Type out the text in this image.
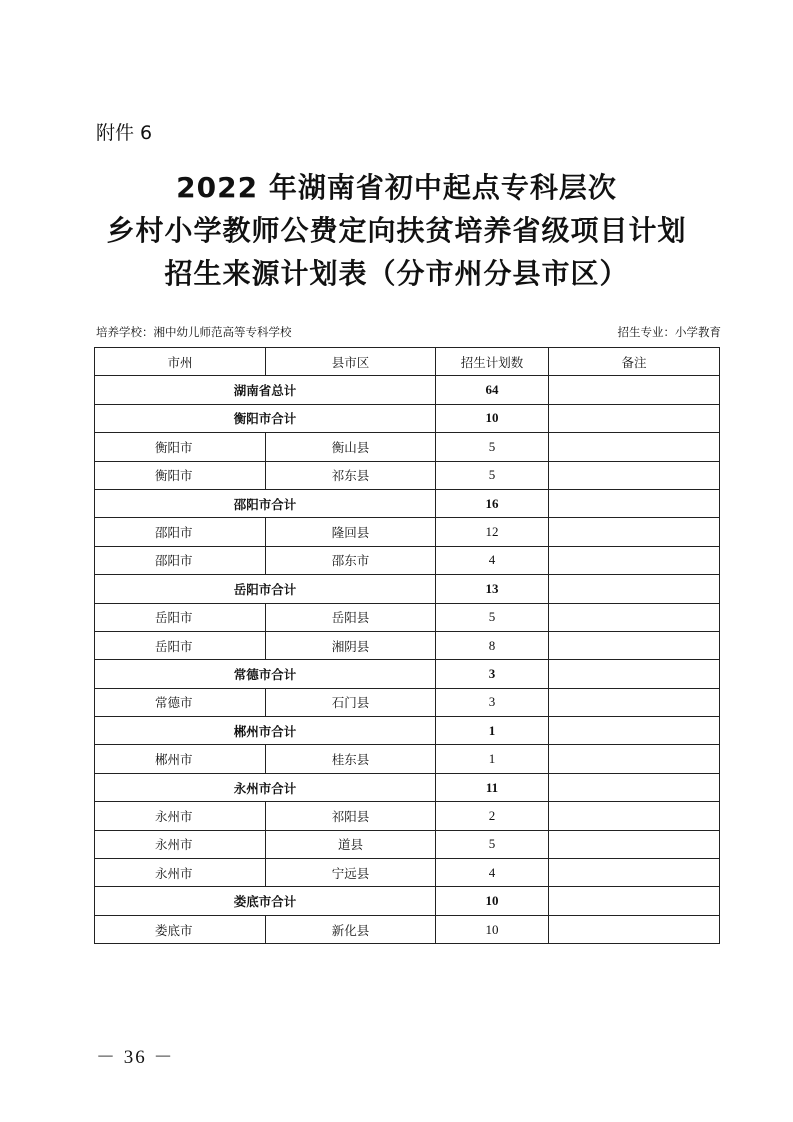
附件 6
2022 年湖南省初中起点专科层次
乡村小学教师公费定向扶贫培养省级项目计划
招生来源计划表（分市州分县市区）
培养学校：湘中幼儿师范高等专科学校	招生专业：小学教育
市州	县市区	招生计划数	备注
湖南省总计		64	
衡阳市合计		10	
衡阳市	衡山县	5	
衡阳市	祁东县	5	
邵阳市合计		16	
邵阳市	隆回县	12	
邵阳市	邵东市	4	
岳阳市合计		13	
岳阳市	岳阳县	5	
岳阳市	湘阴县	8	
常德市合计		3	
常德市	石门县	3	
郴州市合计		1	
郴州市	桂东县	1	
永州市合计		11	
永州市	祁阳县	2	
永州市	道县	5	
永州市	宁远县	4	
娄底市合计		10	
娄底市	新化县	10	
－ 36 －
